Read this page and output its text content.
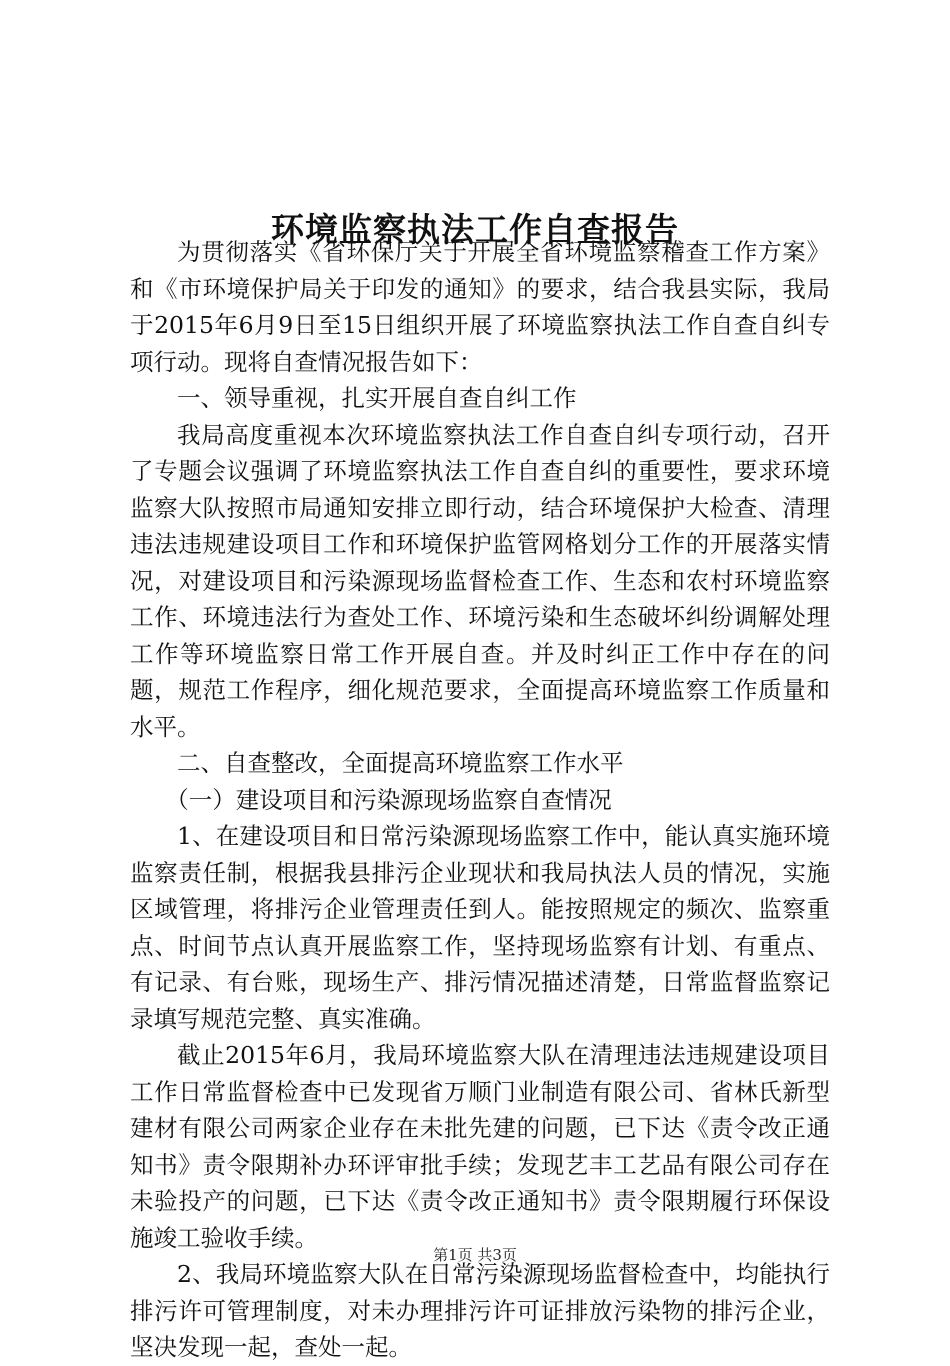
环境监察执法工作自查报告

为贯彻落实《省环保厅关于开展全省环境监察稽查工作方案》和《市环境保护局关于印发的通知》的要求，结合我县实际，我局于2015年6月9日至15日组织开展了环境监察执法工作自查自纠专项行动。现将自查情况报告如下：

一、领导重视，扎实开展自查自纠工作

我局高度重视本次环境监察执法工作自查自纠专项行动，召开了专题会议强调了环境监察执法工作自查自纠的重要性，要求环境监察大队按照市局通知安排立即行动，结合环境保护大检查、清理违法违规建设项目工作和环境保护监管网格划分工作的开展落实情况，对建设项目和污染源现场监督检查工作、生态和农村环境监察工作、环境违法行为查处工作、环境污染和生态破坏纠纷调解处理工作等环境监察日常工作开展自查。并及时纠正工作中存在的问题，规范工作程序，细化规范要求，全面提高环境监察工作质量和水平。

二、自查整改，全面提高环境监察工作水平

（一）建设项目和污染源现场监察自查情况

1、在建设项目和日常污染源现场监察工作中，能认真实施环境监察责任制，根据我县排污企业现状和我局执法人员的情况，实施区域管理，将排污企业管理责任到人。能按照规定的频次、监察重点、时间节点认真开展监察工作，坚持现场监察有计划、有重点、有记录、有台账，现场生产、排污情况描述清楚，日常监督监察记录填写规范完整、真实准确。

截止2015年6月，我局环境监察大队在清理违法违规建设项目工作日常监督检查中已发现省万顺门业制造有限公司、省林氏新型建材有限公司两家企业存在未批先建的问题，已下达《责令改正通知书》责令限期补办环评审批手续；发现艺丰工艺品有限公司存在未验投产的问题，已下达《责令改正通知书》责令限期履行环保设施竣工验收手续。

2、我局环境监察大队在日常污染源现场监督检查中，均能执行排污许可管理制度，对未办理排污许可证排放污染物的排污企业，坚决发现一起，查处一起。

第1页 共3页
